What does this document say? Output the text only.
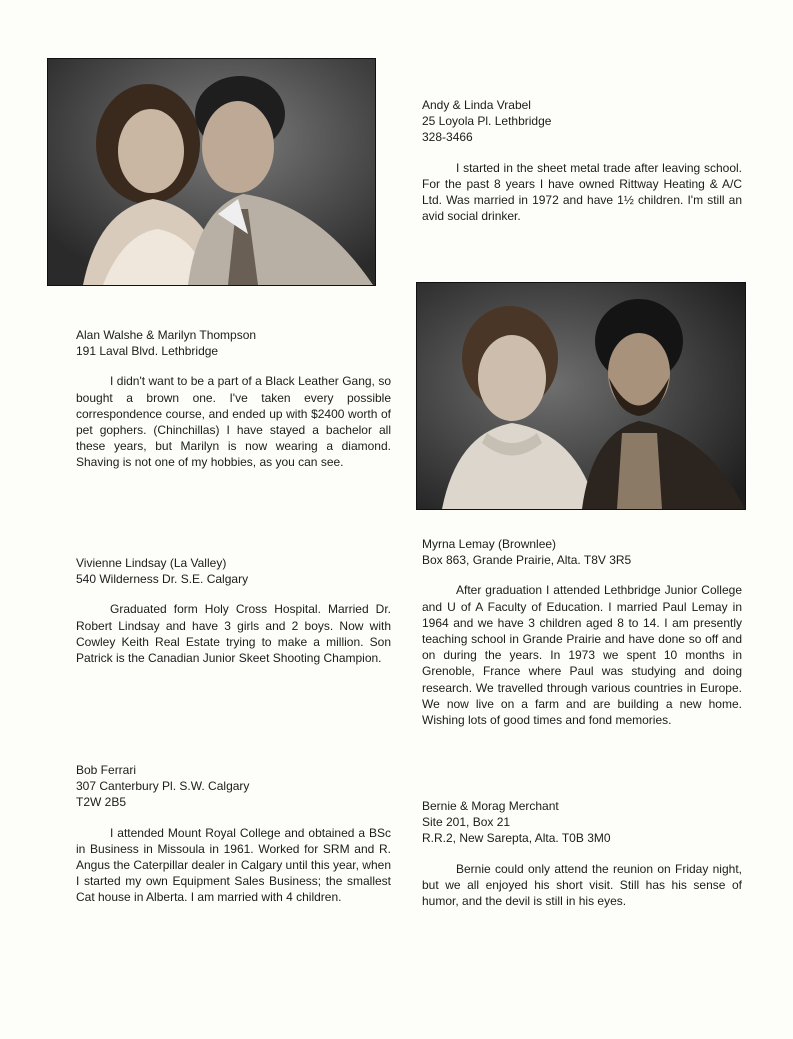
Andy & Linda Vrabel
25 Loyola Pl. Lethbridge
328-3466

I started in the sheet metal trade after leaving school. For the past 8 years I have owned Rittway Heating & A/C Ltd. Was married in 1972 and have 1½ children. I'm still an avid social drinker.

Alan Walshe & Marilyn Thompson
191 Laval Blvd. Lethbridge

I didn't want to be a part of a Black Leather Gang, so bought a brown one. I've taken every possible correspondence course, and ended up with $2400 worth of pet gophers. (Chinchillas) I have stayed a bachelor all these years, but Marilyn is now wearing a diamond. Shaving is not one of my hobbies, as you can see.

Vivienne Lindsay (La Valley)
540 Wilderness Dr. S.E. Calgary

Graduated form Holy Cross Hospital. Married Dr. Robert Lindsay and have 3 girls and 2 boys. Now with Cowley Keith Real Estate trying to make a million. Son Patrick is the Canadian Junior Skeet Shooting Champion.

Myrna Lemay (Brownlee)
Box 863, Grande Prairie, Alta. T8V 3R5

After graduation I attended Lethbridge Junior College and U of A Faculty of Education. I married Paul Lemay in 1964 and we have 3 children aged 8 to 14. I am presently teaching school in Grande Prairie and have done so off and on during the years. In 1973 we spent 10 months in Grenoble, France where Paul was studying and doing research. We travelled through various countries in Europe. We now live on a farm and are building a new home. Wishing lots of good times and fond memories.

Bob Ferrari
307 Canterbury Pl. S.W. Calgary
T2W 2B5

I attended Mount Royal College and obtained a BSc in Business in Missoula in 1961. Worked for SRM and R. Angus the Caterpillar dealer in Calgary until this year, when I started my own Equipment Sales Business; the smallest Cat house in Alberta. I am married with 4 children.

Bernie & Morag Merchant
Site 201, Box 21
R.R.2, New Sarepta, Alta. T0B 3M0

Bernie could only attend the reunion on Friday night, but we all enjoyed his short visit. Still has his sense of humor, and the devil is still in his eyes.
